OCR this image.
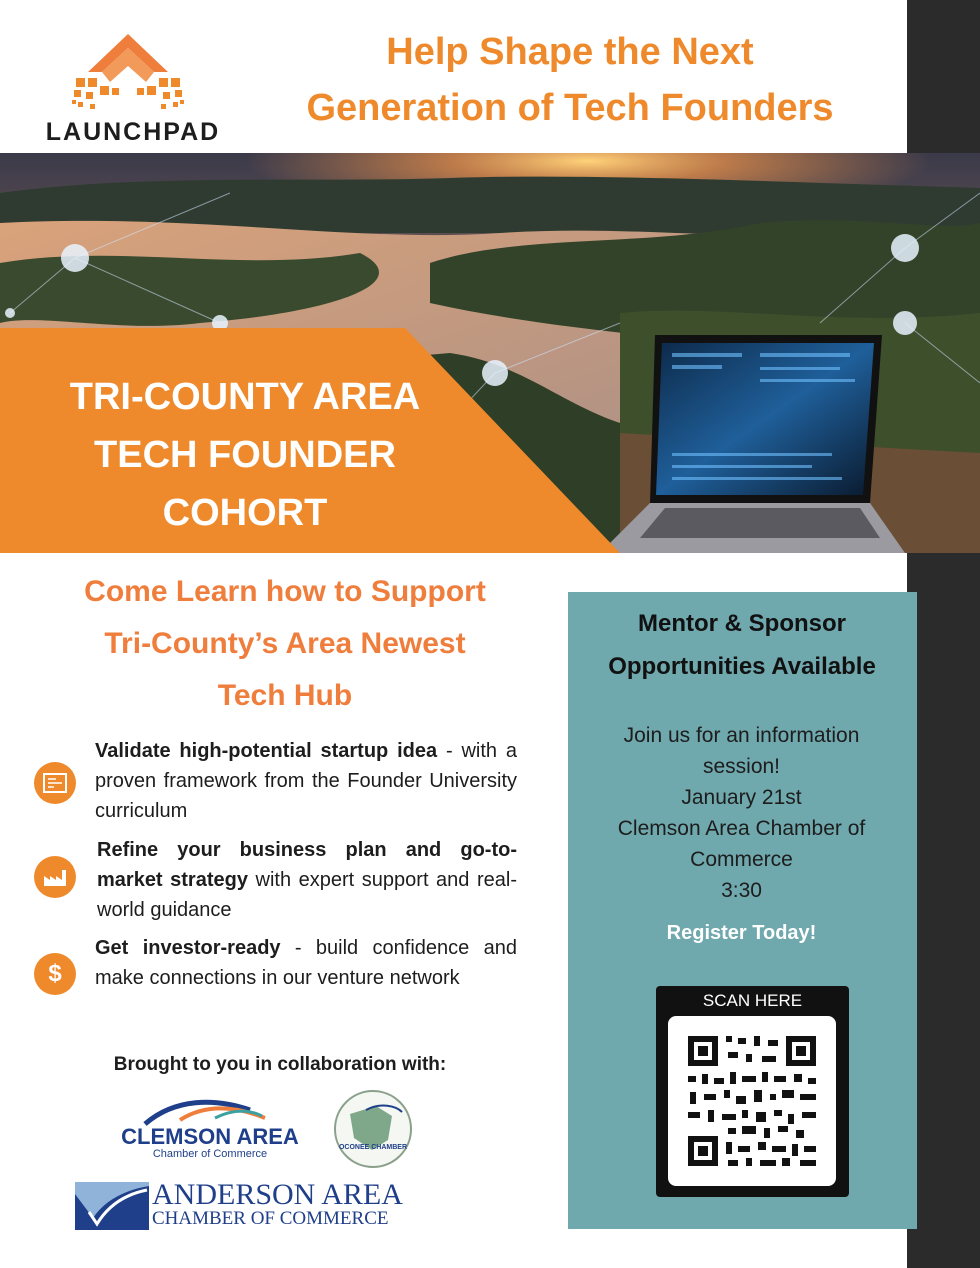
LAUNCHPAD
Help Shape the Next
Generation of Tech Founders
TRI-COUNTY AREA
TECH FOUNDER
COHORT
Come Learn how to Support
Tri-County’s Area Newest
Tech Hub
Validate high-potential startup idea - with a proven framework from the Founder University curriculum
Refine your business plan and go-to- market strategy with expert support and real-world guidance
$
Get investor-ready - build confidence and make connections in our venture network
Brought to you in collaboration with:
CLEMSON AREA
Chamber of Commerce
OCONEE CHAMBER
ANDERSON AREA
CHAMBER OF COMMERCE
Mentor & Sponsor
Opportunities Available
Join us for an information
session!
January 21st
Clemson Area Chamber of
Commerce
3:30
Register Today!
SCAN HERE
